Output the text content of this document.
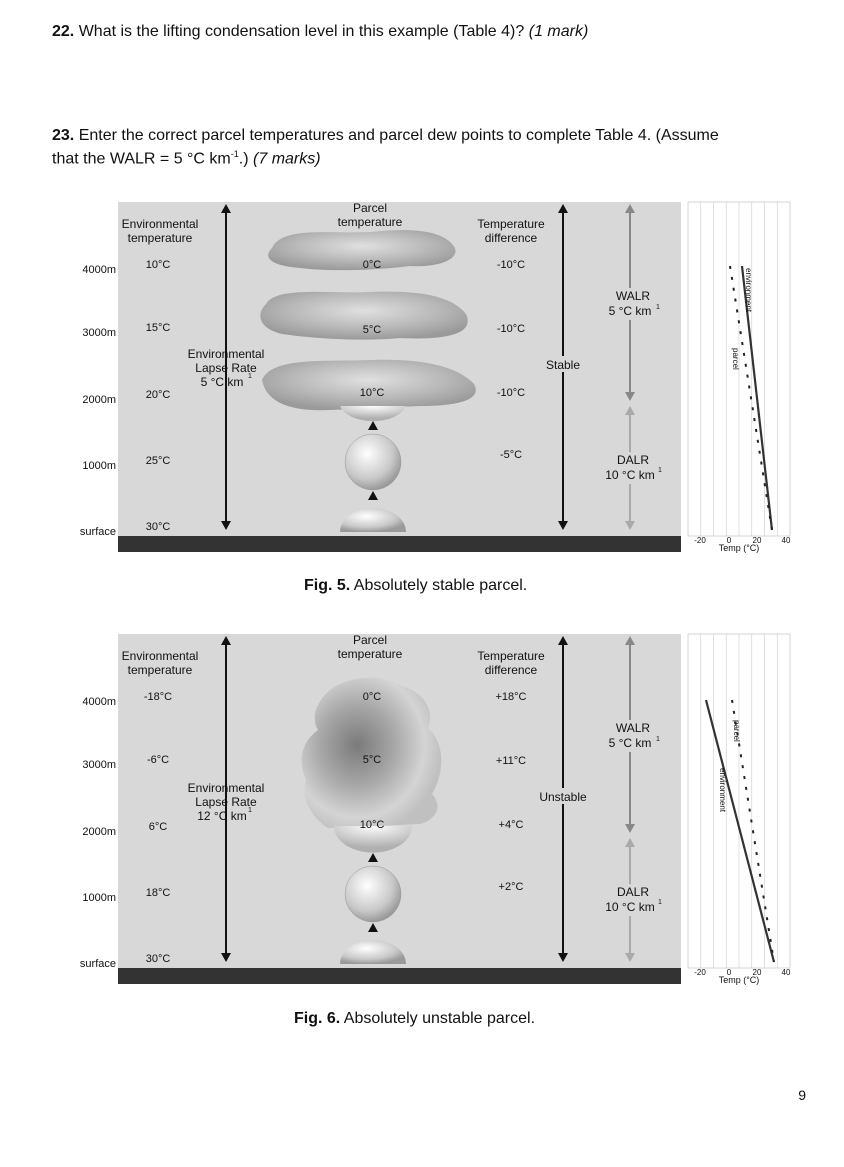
22. What is the lifting condensation level in this example (Table 4)? (1 mark)
23. Enter the correct parcel temperatures and parcel dew points to complete Table 4. (Assume
that the WALR = 5 °C $km^{-1}$.) (7 marks)
4000m
3000m
2000m
1000m
surface
Environmental
temperature
Parcel
temperature	Temperature
difference
10°C
15°C
20°C
25°C
30°C
Environmental
Lapse Rate
5 °C km 1
0°C
5°C
10°C
-10°C
-10°C
-10°C
-5°C
Stable
WALR
5 °C km 1
DALR
10 °C km 1
-20	0	20	40
Temp (°C)
environment
parcel
Fig. 5. Absolutely stable parcel.
4000m
3000m
2000m
1000m
surface
Environmental
temperature
Parcel
temperature	Temperature
difference
-18°C
-6°C
6°C
18°C
30°C
Environmental
Lapse Rate
12 °C km 1
0°C
5°C
10°C
+18°C
+11°C
+4°C
+2°C
Unstable
WALR
5 °C km 1
DALR
10 °C km 1
-20	0	20	40
Temp (°C)
parcel
environment
Fig. 6. Absolutely unstable parcel.
9
